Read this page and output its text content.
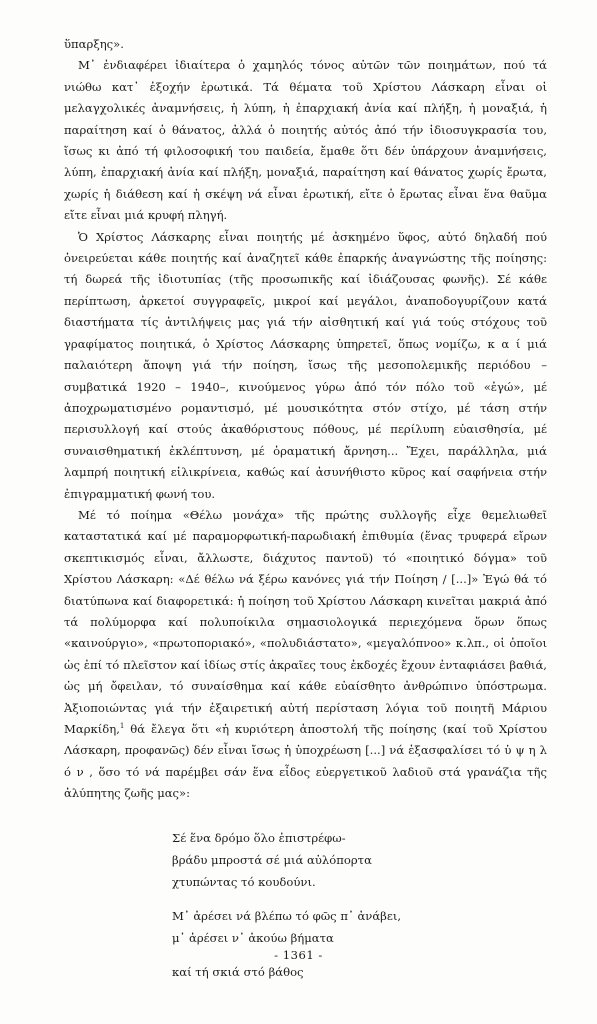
ὕπαρξης».

Μ᾽ ἐνδιαφέρει ἰδιαίτερα ὁ χαμηλός τόνος αὐτῶν τῶν ποιημάτων, πού τά νιώθω κατ᾽ ἐξοχήν ἐρωτικά. Τά θέματα τοῦ Χρίστου Λάσκαρη εἶναι οἱ μελαγχολικές ἀναμνήσεις, ἡ λύπη, ἡ ἐπαρχιακή ἀνία καί πλήξη, ἡ μοναξιά, ἡ παραίτηση καί ὁ θάνατος, ἀλλά ὁ ποιητής αὐτός ἀπό τήν ἰδιοσυγκρασία του, ἴσως κι ἀπό τή φιλοσοφική του παιδεία, ἔμαθε ὅτι δέν ὑπάρχουν ἀναμνήσεις, λύπη, ἐπαρχιακή ἀνία καί πλήξη, μοναξιά, παραίτηση καί θάνατος χωρίς ἔρωτα, χωρίς ἡ διάθεση καί ἡ σκέψη νά εἶναι ἐρωτική, εἴτε ὁ ἔρωτας εἶναι ἕνα θαῦμα εἴτε εἶναι μιά κρυφή πληγή.

Ὁ Χρίστος Λάσκαρης εἶναι ποιητής μέ ἀσκημένο ὕφος, αὐτό δηλαδή πού ὀνειρεύεται κάθε ποιητής καί ἀναζητεῖ κάθε ἐπαρκής ἀναγνώστης τῆς ποίησης: τή δωρεά τῆς ἰδιοτυπίας (τῆς προσωπικῆς καί ἰδιάζουσας φωνῆς). Σέ κάθε περίπτωση, ἀρκετοί συγγραφεῖς, μικροί καί μεγάλοι, ἀναποδογυρίζουν κατά διαστήματα τίς ἀντιλήψεις μας γιά τήν αἰσθητική καί γιά τούς στόχους τοῦ γραφίματος ποιητικά, ὁ Χρίστος Λάσκαρης ὑπηρετεῖ, ὅπως νομίζω, κ α ί μιά παλαιότερη ἄποψη γιά τήν ποίηση, ἴσως τῆς μεσοπολεμικῆς περιόδου –συμβατικά 1920 – 1940–, κινούμενος γύρω ἀπό τόν πόλο τοῦ «ἐγώ», μέ ἀποχρωματισμένο ρομαντισμό, μέ μουσικότητα στόν στίχο, μέ τάση στήν περισυλλογή καί στούς ἀκαθόριστους πόθους, μέ περίλυπη εὐαισθησία, μέ συναισθηματική ἐκλέπτυνση, μέ ὀραματική ἄρνηση... Ἔχει, παράλληλα, μιά λαμπρή ποιητική εἰλικρίνεια, καθώς καί ἀσυνήθιστο κῦρος καί σαφήνεια στήν ἐπιγραμματική φωνή του.

Μέ τό ποίημα «Θέλω μονάχα» τῆς πρώτης συλλογῆς εἶχε θεμελιωθεῖ καταστατικά καί μέ παραμορφωτική-παρωδιακή ἐπιθυμία (ἕνας τρυφερά εἴρων σκεπτικισμός εἶναι, ἄλλωστε, διάχυτος παντοῦ) τό «ποιητικό δόγμα» τοῦ Χρίστου Λάσκαρη: «Δέ θέλω νά ξέρω κανόνες γιά τήν Ποίηση / [...]» Ἐγώ θά τό διατύπωνα καί διαφορετικά: ἡ ποίηση τοῦ Χρίστου Λάσκαρη κινεῖται μακριά ἀπό τά πολύμορφα καί πολυποίκιλα σημασιολογικά περιεχόμενα ὅρων ὅπως «καινούργιο», «πρωτοποριακό», «πολυδιάστατο», «μεγαλόπνοο» κ.λπ., οἱ ὁποῖοι ὡς ἐπί τό πλεῖστον καί ἰδίως στίς ἀκραῖες τους ἐκδοχές ἔχουν ἐνταφιάσει βαθιά, ὡς μή ὄφειλαν, τό συναίσθημα καί κάθε εὐαίσθητο ἀνθρώπινο ὑπόστρωμα. Ἀξιοποιώντας γιά τήν ἐξαιρετική αὐτή περίσταση λόγια τοῦ ποιητῆ Μάριου Μαρκίδη,$^1$ θά ἔλεγα ὅτι «ἡ κυριότερη ἀποστολή τῆς ποίησης (καί τοῦ Χρίστου Λάσκαρη, προφανῶς) δέν εἶναι ἴσως ἡ ὑποχρέωση [...] νά ἐξασφαλίσει τό ὑ ψ η λ ό ν , ὅσο τό νά παρέμβει σάν ἕνα εἶδος εὐεργετικοῦ λαδιοῦ στά γρανάζια τῆς ἀλύπητης ζωῆς μας»:

Σέ ἕνα δρόμο ὅλο ἐπιστρέφω-
βράδυ μπροστά σέ μιά αὐλόπορτα
χτυπώντας τό κουδούνι.
Μ᾽ ἀρέσει νά βλέπω τό φῶς π᾽ ἀνάβει,
μ᾽ ἀρέσει ν᾽ ἀκούω βήματα
καί τή σκιά στό βάθος
- 1361 -
